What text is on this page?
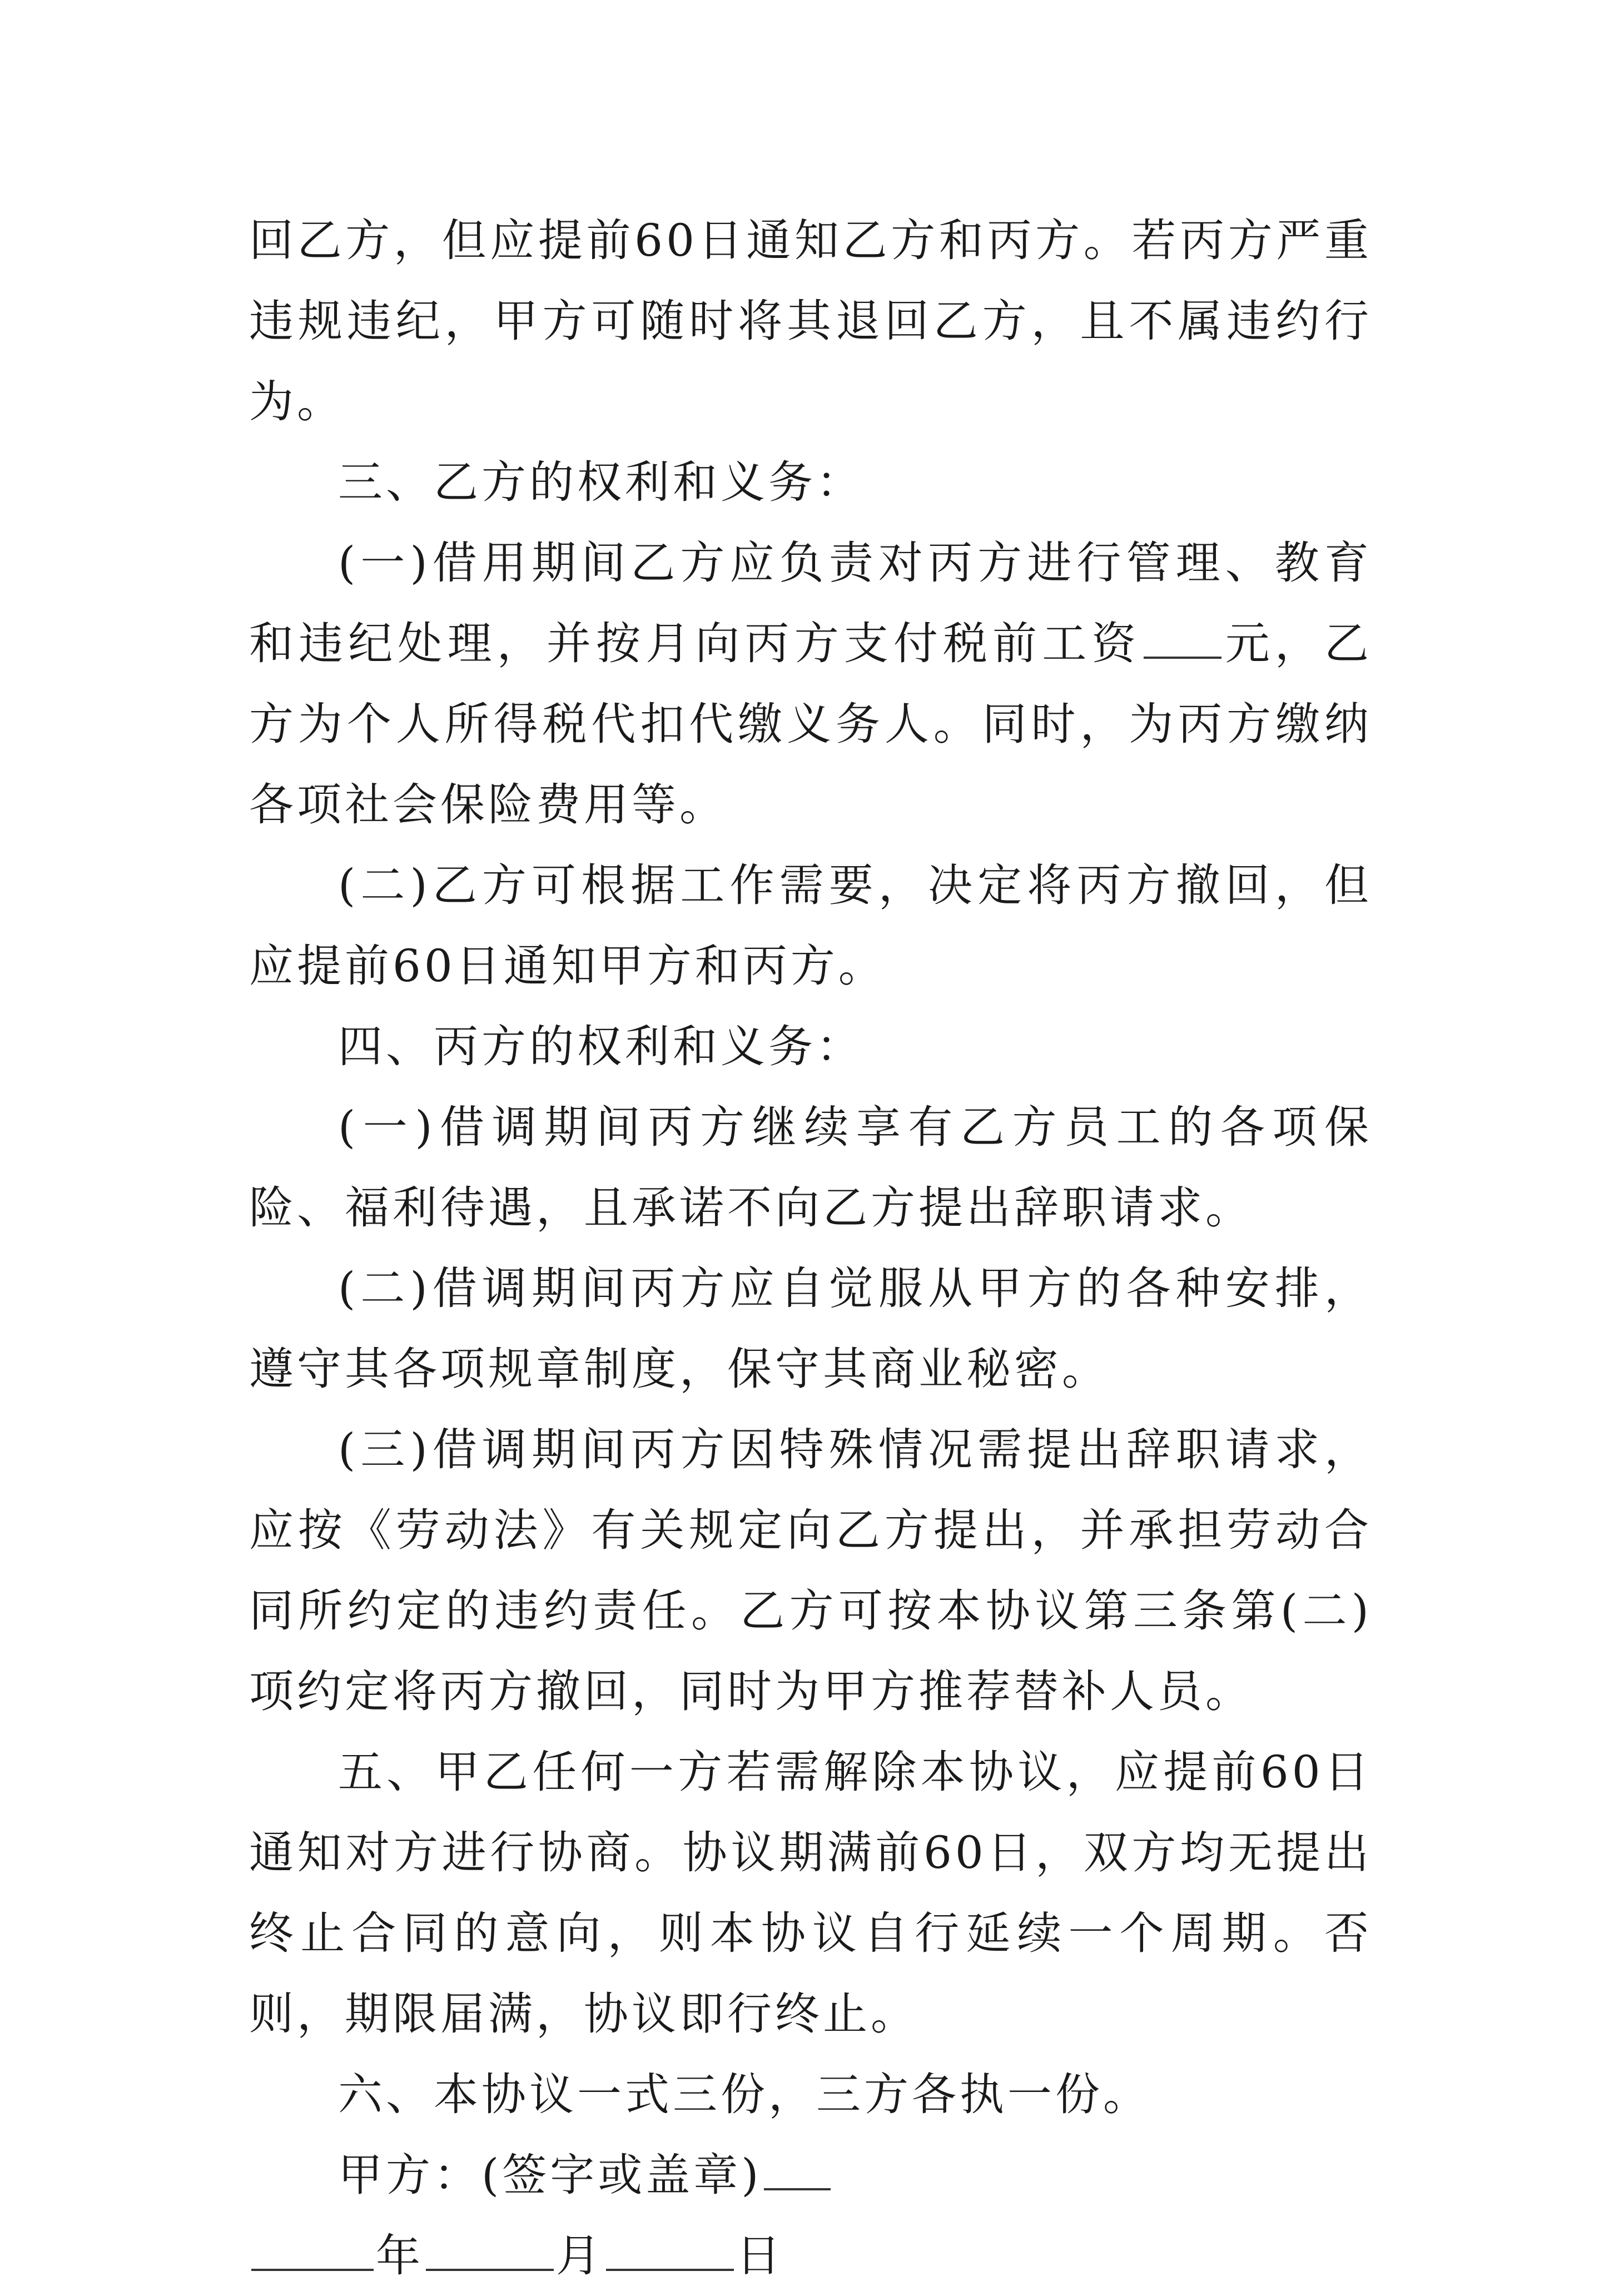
回乙方，但应提前60日通知乙方和丙方。若丙方严重违规违纪，甲方可随时将其退回乙方，且不属违约行为。

三、乙方的权利和义务：

(一)借用期间乙方应负责对丙方进行管理、教育和违纪处理，并按月向丙方支付税前工资 元，乙方为个人所得税代扣代缴义务人。同时，为丙方缴纳各项社会保险费用等。

(二)乙方可根据工作需要，决定将丙方撤回，但应提前60日通知甲方和丙方。

四、丙方的权利和义务：

(一)借调期间丙方继续享有乙方员工的各项保险、福利待遇，且承诺不向乙方提出辞职请求。

(二)借调期间丙方应自觉服从甲方的各种安排，遵守其各项规章制度，保守其商业秘密。

(三)借调期间丙方因特殊情况需提出辞职请求，应按《劳动法》有关规定向乙方提出，并承担劳动合同所约定的违约责任。乙方可按本协议第三条第(二)项约定将丙方撤回，同时为甲方推荐替补人员。

五、甲乙任何一方若需解除本协议，应提前60日通知对方进行协商。协议期满前60日，双方均无提出终止合同的意向，则本协议自行延续一个周期。否则，期限届满，协议即行终止。

六、本协议一式三份，三方各执一份。

甲方：(签字或盖章)

年	月	日
